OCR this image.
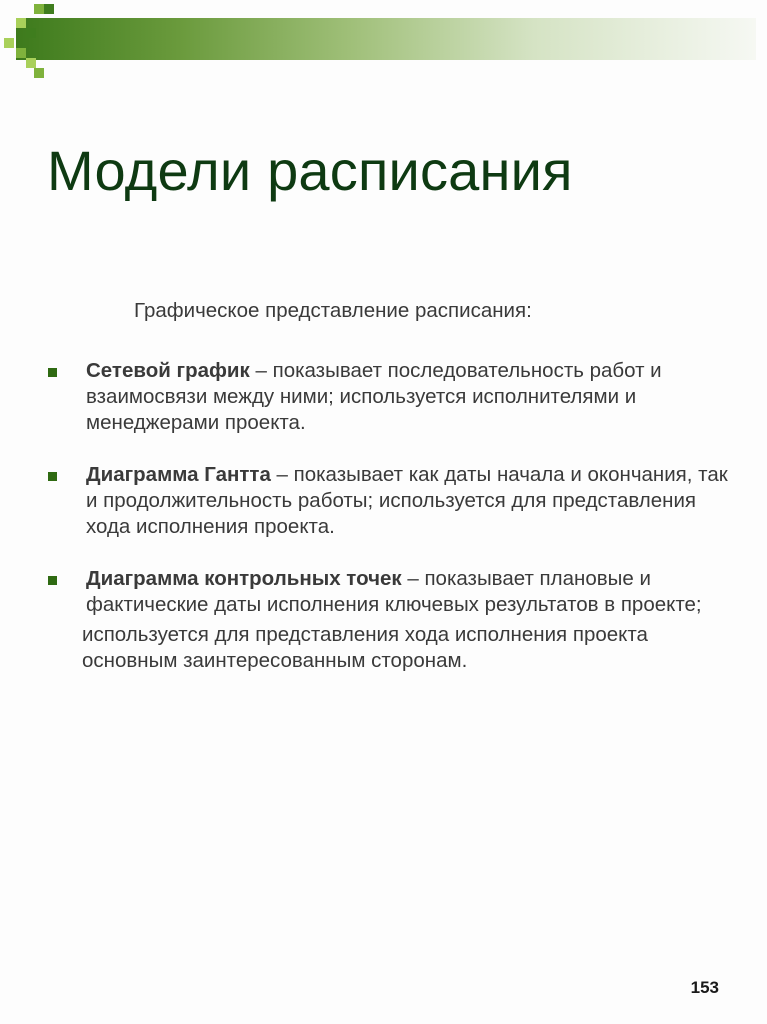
Модели расписания

Графическое представление расписания:

Сетевой график – показывает последовательность работ и взаимосвязи между ними; используется исполнителями и менеджерами проекта.
Диаграмма Гантта – показывает как даты начала и окончания, так и продолжительность работы; используется для представления хода исполнения проекта.
Диаграмма контрольных точек – показывает плановые и фактические даты исполнения ключевых результатов в проекте;
используется для представления хода исполнения проекта основным заинтересованным сторонам.

153
